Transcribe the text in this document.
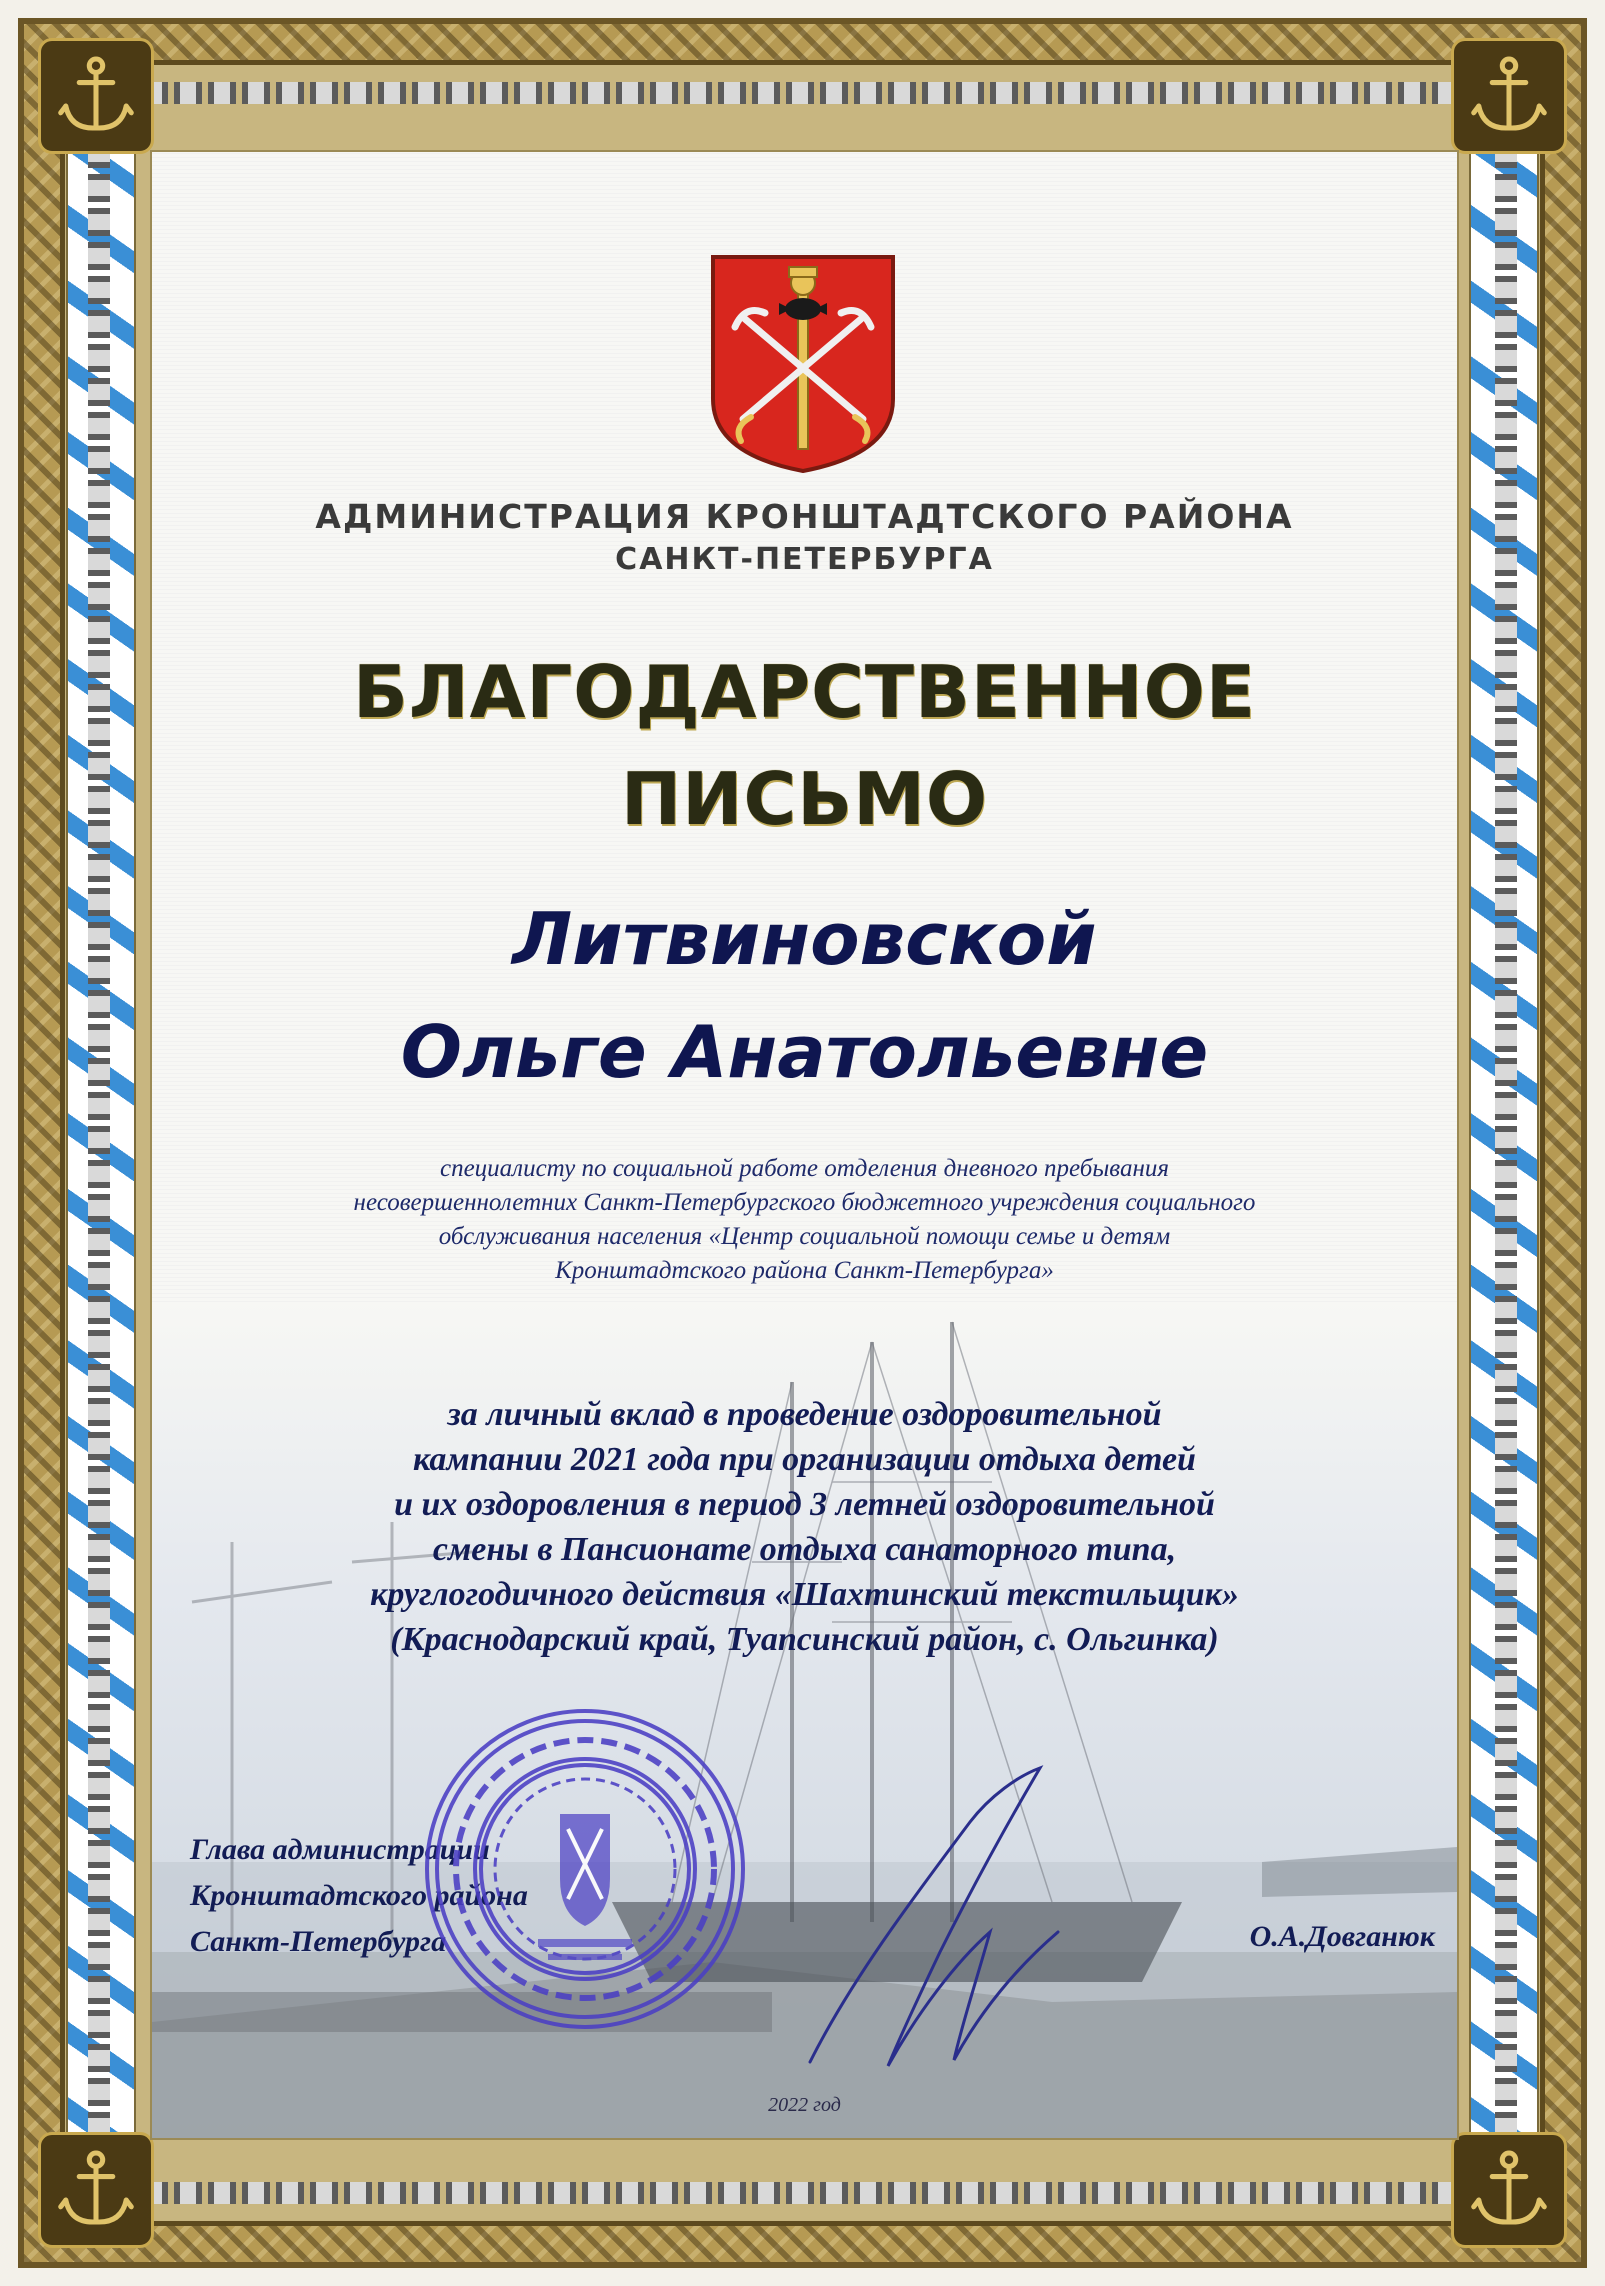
АДМИНИСТРАЦИЯ КРОНШТАДТСКОГО РАЙОНА
САНКТ-ПЕТЕРБУРГА
БЛАГОДАРСТВЕННОЕ
ПИСЬМО
Литвиновской
Ольге Анатольевне
специалисту по социальной работе отделения дневного пребывания
несовершеннолетних Санкт-Петербургского бюджетного учреждения социального
обслуживания населения «Центр социальной помощи семье и детям
Кронштадтского района Санкт-Петербурга»
за личный вклад в проведение оздоровительной
кампании 2021 года при организации отдыха детей
и их оздоровления в период 3 летней оздоровительной
смены в Пансионате отдыха санаторного типа,
круглогодичного действия «Шахтинский текстильщик»
(Краснодарский край, Туапсинский район, с. Ольгинка)
Глава администрации
Кронштадтского района
Санкт-Петербурга	О.А.Довганюк
2022 год
